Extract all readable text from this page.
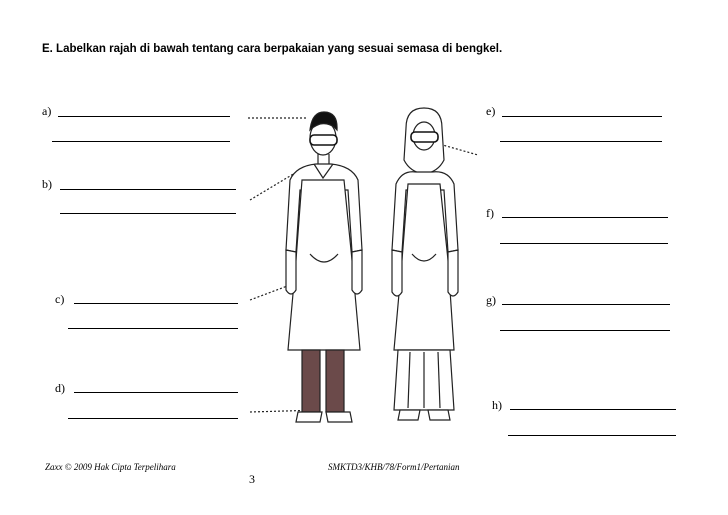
E. Labelkan rajah di bawah tentang cara berpakaian yang sesuai semasa di bengkel.
a)
b)
c)
d)
e)
f)
g)
h)
Zaxx © 2009 Hak Cipta Terpelihara	SMKTD3/KHB/78/Form1/Pertanian
3
